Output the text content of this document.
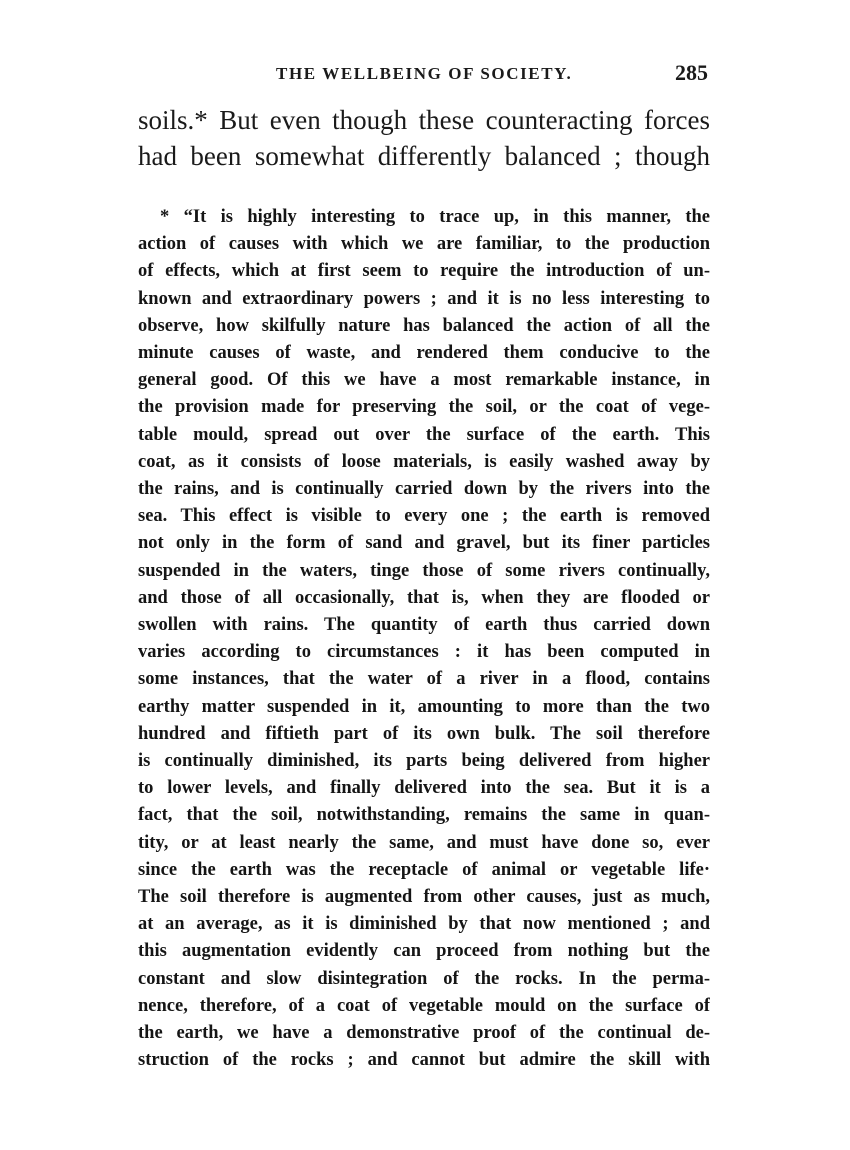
THE WELLBEING OF SOCIETY.	285
soils.* But even though these counteracting forces
had been somewhat differently balanced ; though
* “It is highly interesting to trace up, in this manner, the
action of causes with which we are familiar, to the production
of effects, which at first seem to require the introduction of un-
known and extraordinary powers ; and it is no less interesting to
observe, how skilfully nature has balanced the action of all the
minute causes of waste, and rendered them conducive to the
general good. Of this we have a most remarkable instance, in
the provision made for preserving the soil, or the coat of vege-
table mould, spread out over the surface of the earth. This
coat, as it consists of loose materials, is easily washed away by
the rains, and is continually carried down by the rivers into the
sea. This effect is visible to every one ; the earth is removed
not only in the form of sand and gravel, but its finer particles
suspended in the waters, tinge those of some rivers continually,
and those of all occasionally, that is, when they are flooded or
swollen with rains. The quantity of earth thus carried down
varies according to circumstances : it has been computed in
some instances, that the water of a river in a flood, contains
earthy matter suspended in it, amounting to more than the two
hundred and fiftieth part of its own bulk. The soil therefore
is continually diminished, its parts being delivered from higher
to lower levels, and finally delivered into the sea. But it is a
fact, that the soil, notwithstanding, remains the same in quan-
tity, or at least nearly the same, and must have done so, ever
since the earth was the receptacle of animal or vegetable life·
The soil therefore is augmented from other causes, just as much,
at an average, as it is diminished by that now mentioned ; and
this augmentation evidently can proceed from nothing but the
constant and slow disintegration of the rocks. In the perma-
nence, therefore, of a coat of vegetable mould on the surface of
the earth, we have a demonstrative proof of the continual de-
struction of the rocks ; and cannot but admire the skill with
